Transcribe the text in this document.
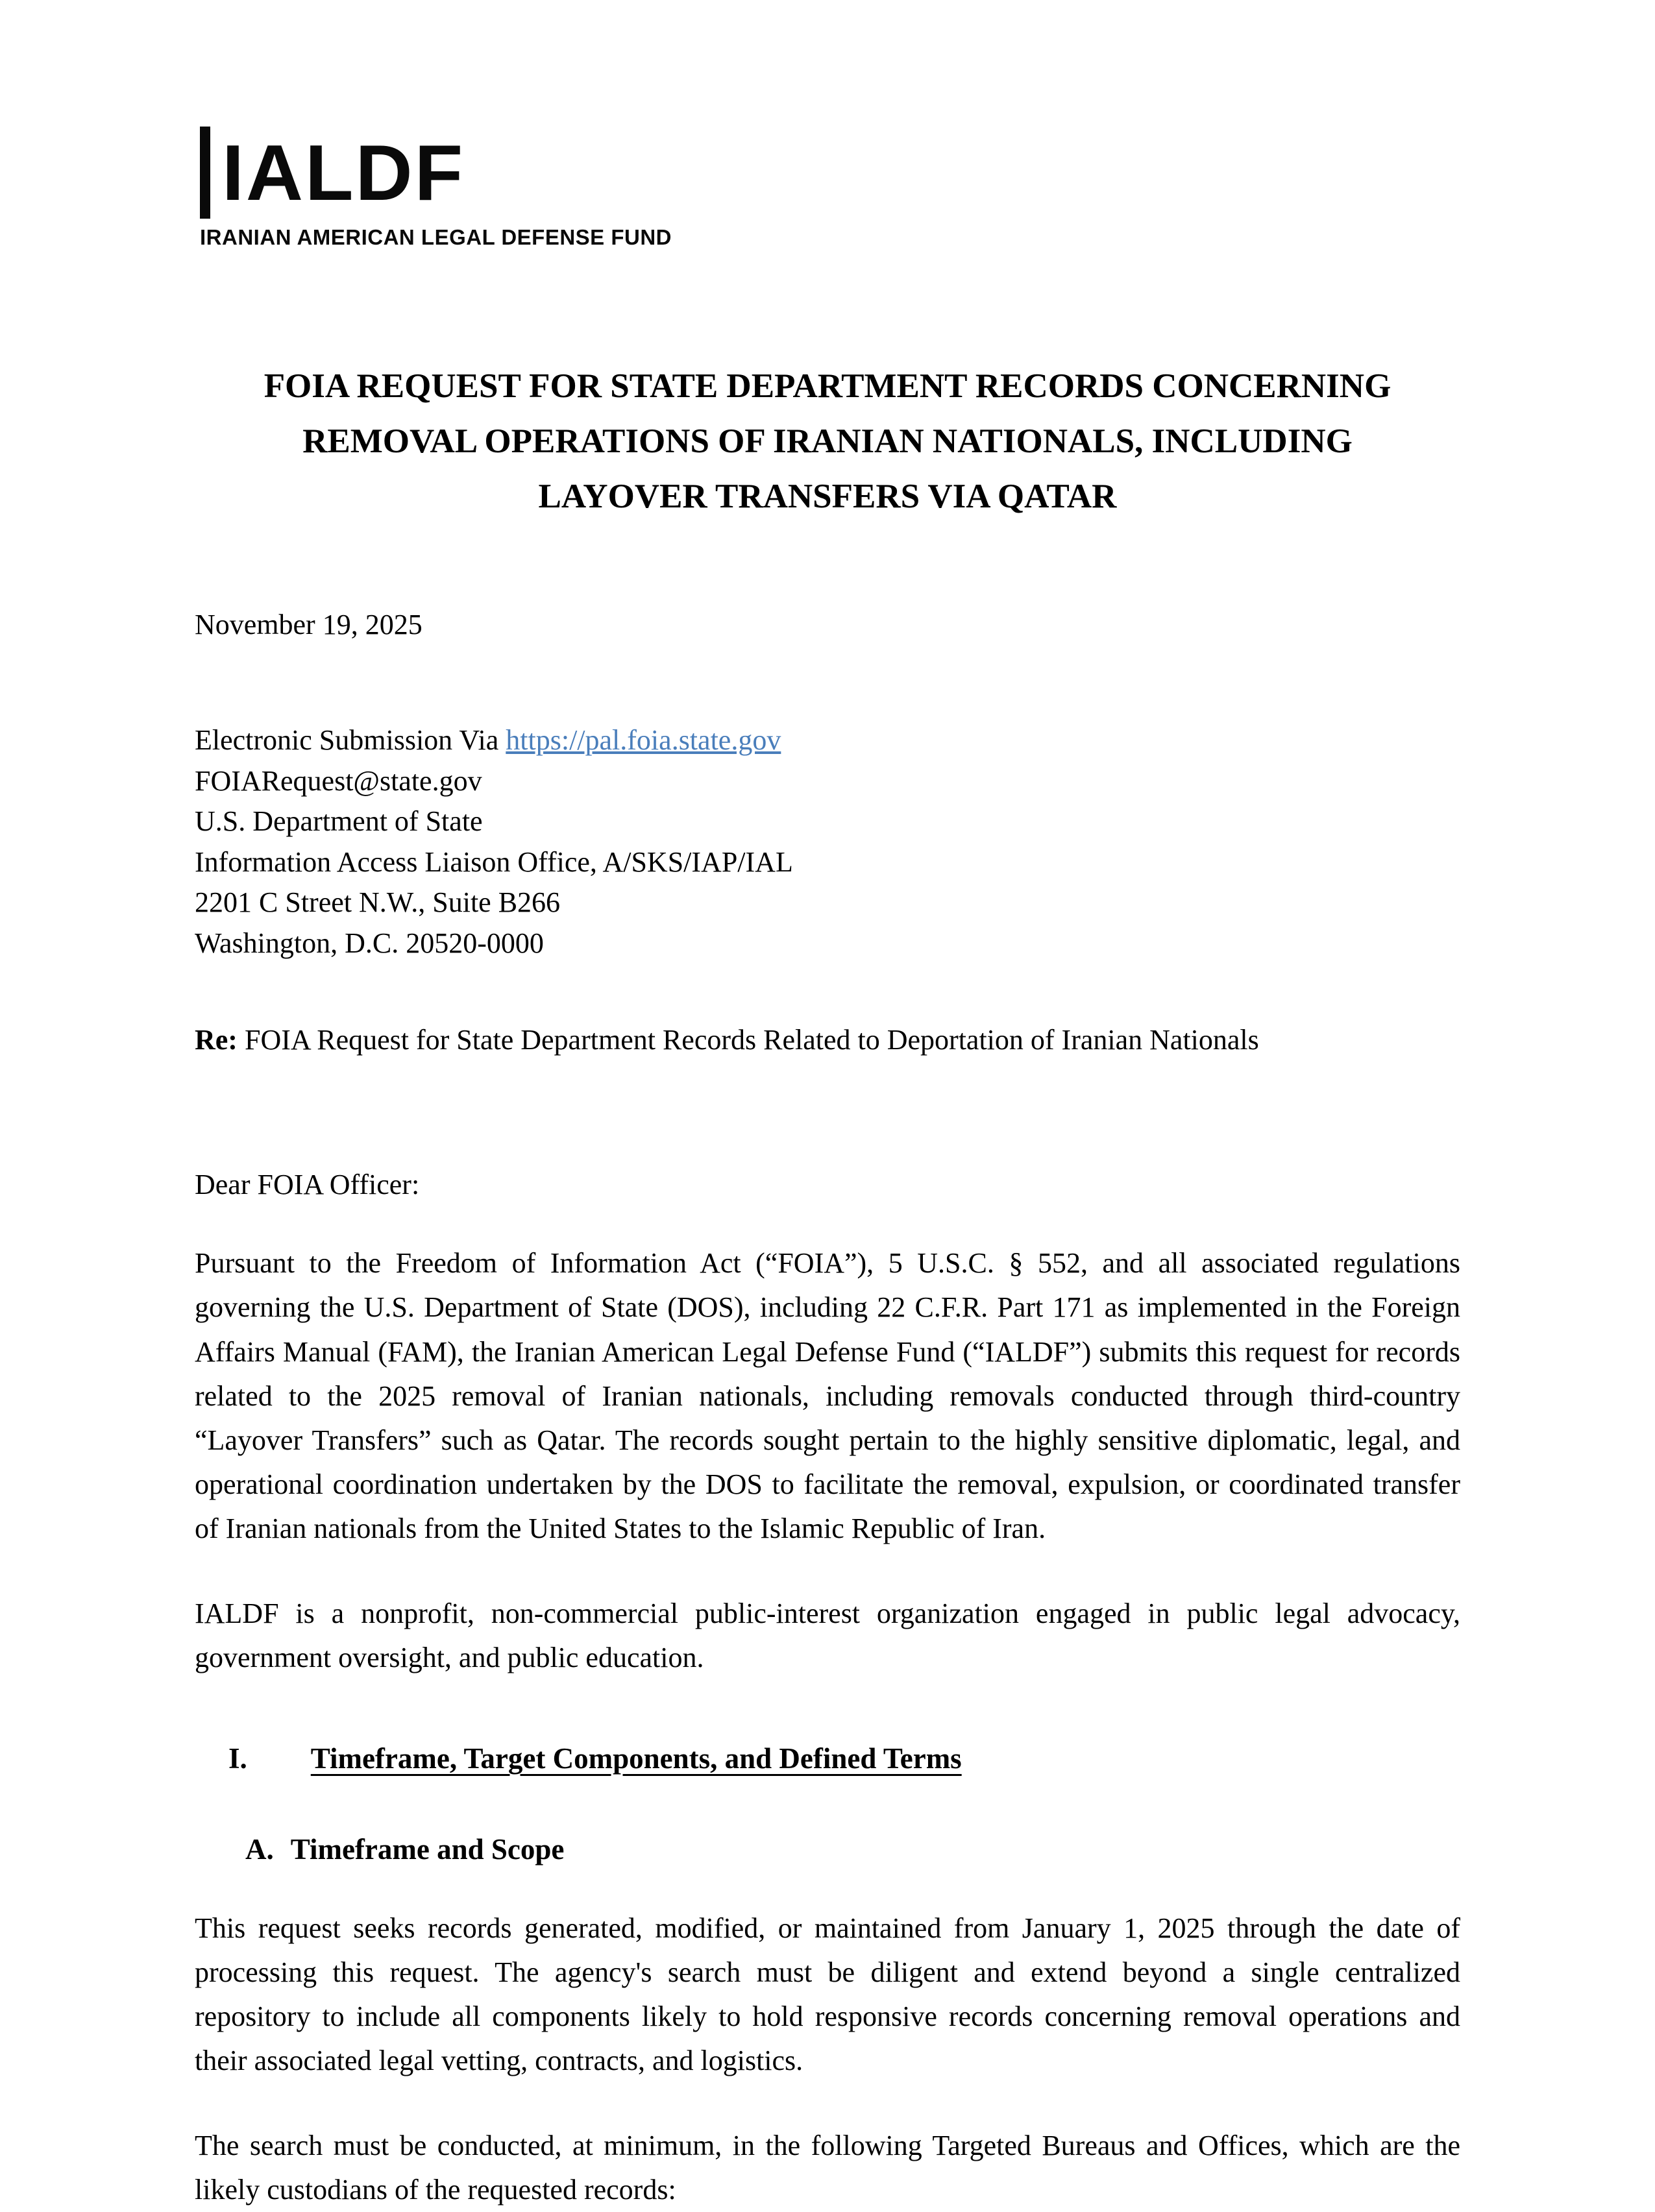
IALDF
IRANIAN AMERICAN LEGAL DEFENSE FUND
FOIA REQUEST FOR STATE DEPARTMENT RECORDS CONCERNING
REMOVAL OPERATIONS OF IRANIAN NATIONALS, INCLUDING
LAYOVER TRANSFERS VIA QATAR
November 19, 2025
Electronic Submission Via https://pal.foia.state.gov
FOIARequest@state.gov
U.S. Department of State
Information Access Liaison Office, A/SKS/IAP/IAL
2201 C Street N.W., Suite B266
Washington, D.C. 20520-0000
Re: FOIA Request for State Department Records Related to Deportation of Iranian Nationals
Dear FOIA Officer:
Pursuant to the Freedom of Information Act (“FOIA”), 5 U.S.C. § 552, and all associated regulations governing the U.S. Department of State (DOS), including 22 C.F.R. Part 171 as implemented in the Foreign Affairs Manual (FAM), the Iranian American Legal Defense Fund (“IALDF”) submits this request for records related to the 2025 removal of Iranian nationals, including removals conducted through third-country “Layover Transfers” such as Qatar. The records sought pertain to the highly sensitive diplomatic, legal, and operational coordination undertaken by the DOS to facilitate the removal, expulsion, or coordinated transfer of Iranian nationals from the United States to the Islamic Republic of Iran.
IALDF is a nonprofit, non-commercial public-interest organization engaged in public legal advocacy, government oversight, and public education.
I. Timeframe, Target Components, and Defined Terms
A. Timeframe and Scope
This request seeks records generated, modified, or maintained from January 1, 2025 through the date of processing this request. The agency's search must be diligent and extend beyond a single centralized repository to include all components likely to hold responsive records concerning removal operations and their associated legal vetting, contracts, and logistics.
The search must be conducted, at minimum, in the following Targeted Bureaus and Offices, which are the likely custodians of the requested records:
